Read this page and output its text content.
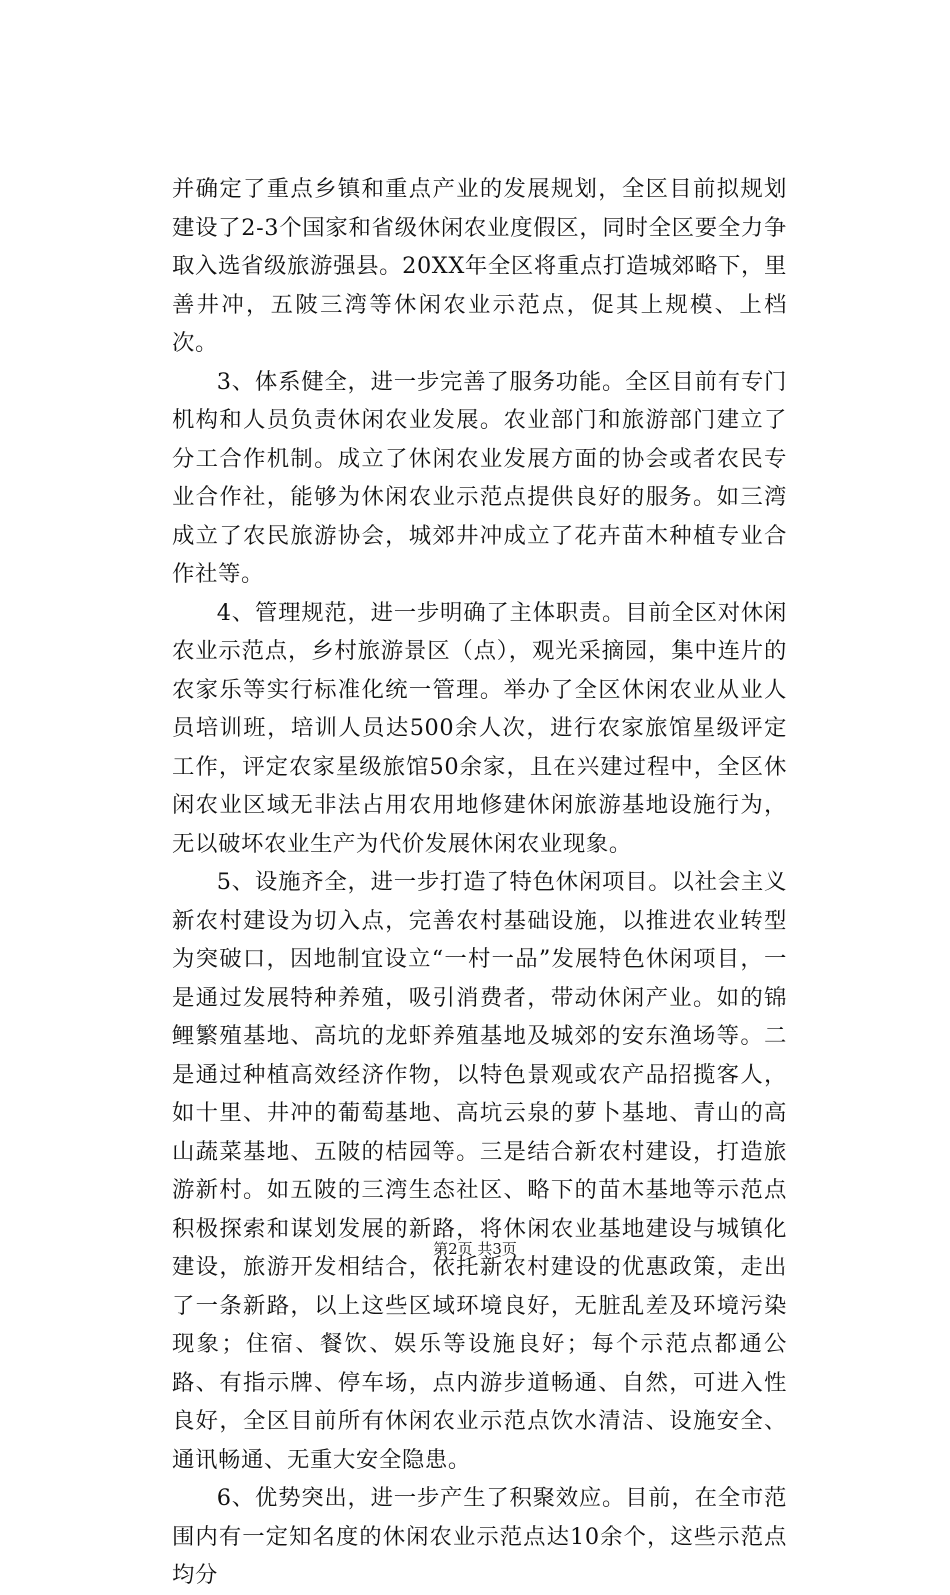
并确定了重点乡镇和重点产业的发展规划，全区目前拟规划建设了2-3个国家和省级休闲农业度假区，同时全区要全力争取入选省级旅游强县。20XX年全区将重点打造城郊略下，里善井冲，五陂三湾等休闲农业示范点，促其上规模、上档次。

3、体系健全，进一步完善了服务功能。全区目前有专门机构和人员负责休闲农业发展。农业部门和旅游部门建立了分工合作机制。成立了休闲农业发展方面的协会或者农民专业合作社，能够为休闲农业示范点提供良好的服务。如三湾成立了农民旅游协会，城郊井冲成立了花卉苗木种植专业合作社等。

4、管理规范，进一步明确了主体职责。目前全区对休闲农业示范点，乡村旅游景区（点），观光采摘园，集中连片的农家乐等实行标准化统一管理。举办了全区休闲农业从业人员培训班，培训人员达500余人次，进行农家旅馆星级评定工作，评定农家星级旅馆50余家，且在兴建过程中，全区休闲农业区域无非法占用农用地修建休闲旅游基地设施行为，无以破坏农业生产为代价发展休闲农业现象。

5、设施齐全，进一步打造了特色休闲项目。以社会主义新农村建设为切入点，完善农村基础设施，以推进农业转型为突破口，因地制宜设立“一村一品”发展特色休闲项目，一是通过发展特种养殖，吸引消费者，带动休闲产业。如的锦鲤繁殖基地、高坑的龙虾养殖基地及城郊的安东渔场等。二是通过种植高效经济作物，以特色景观或农产品招揽客人，如十里、井冲的葡萄基地、高坑云泉的萝卜基地、青山的高山蔬菜基地、五陂的桔园等。三是结合新农村建设，打造旅游新村。如五陂的三湾生态社区、略下的苗木基地等示范点积极探索和谋划发展的新路，将休闲农业基地建设与城镇化建设，旅游开发相结合，依托新农村建设的优惠政策，走出了一条新路，以上这些区域环境良好，无脏乱差及环境污染现象；住宿、餐饮、娱乐等设施良好；每个示范点都通公路、有指示牌、停车场，点内游步道畅通、自然，可进入性良好，全区目前所有休闲农业示范点饮水清洁、设施安全、通讯畅通、无重大安全隐患。

6、优势突出，进一步产生了积聚效应。目前，在全市范围内有一定知名度的休闲农业示范点达10余个，这些示范点均分

第2页 共3页
